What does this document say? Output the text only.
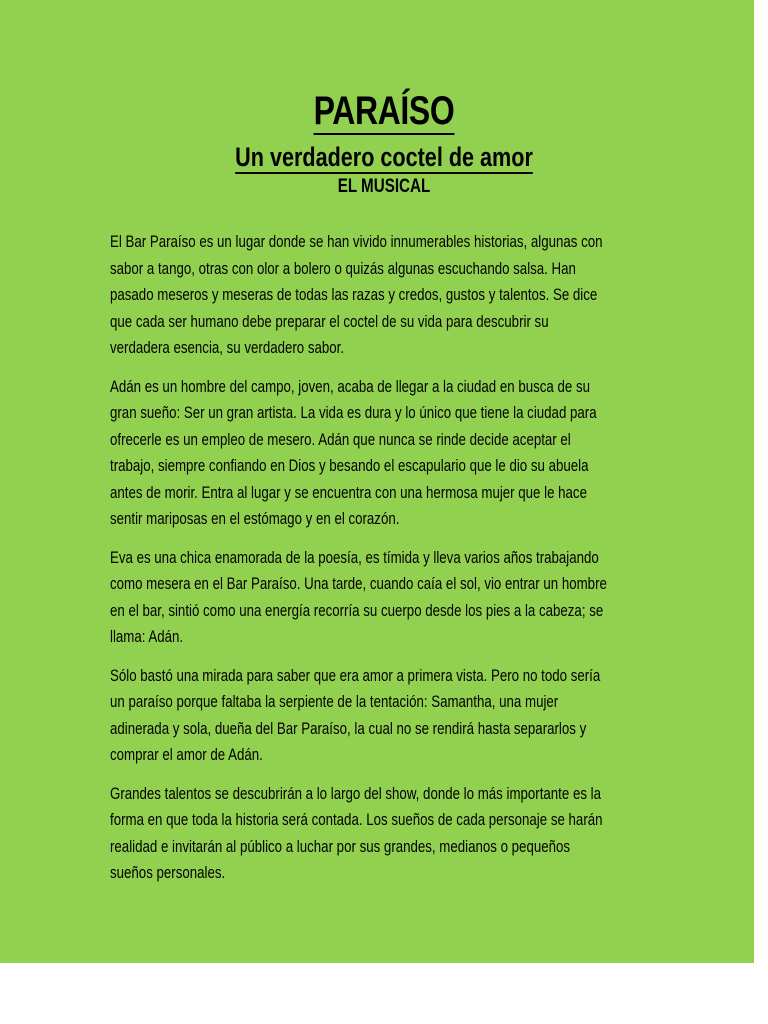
PARAÍSO
Un verdadero coctel de amor
EL MUSICAL

El Bar Paraíso es un lugar donde se han vivido innumerables historias, algunas con
sabor a tango, otras con olor a bolero o quizás algunas escuchando salsa. Han
pasado meseros y meseras de todas las razas y credos, gustos y talentos. Se dice
que cada ser humano debe preparar el coctel de su vida para descubrir su
verdadera esencia, su verdadero sabor.

Adán es un hombre del campo, joven, acaba de llegar a la ciudad en busca de su
gran sueño: Ser un gran artista. La vida es dura y lo único que tiene la ciudad para
ofrecerle es un empleo de mesero. Adán que nunca se rinde decide aceptar el
trabajo, siempre confiando en Dios y besando el escapulario que le dio su abuela
antes de morir. Entra al lugar y se encuentra con una hermosa mujer que le hace
sentir mariposas en el estómago y en el corazón.

Eva es una chica enamorada de la poesía, es tímida y lleva varios años trabajando
como mesera en el Bar Paraíso. Una tarde, cuando caía el sol, vio entrar un hombre
en el bar, sintió como una energía recorría su cuerpo desde los pies a la cabeza; se
llama: Adán.

Sólo bastó una mirada para saber que era amor a primera vista. Pero no todo sería
un paraíso porque faltaba la serpiente de la tentación: Samantha, una mujer
adinerada y sola, dueña del Bar Paraíso, la cual no se rendirá hasta separarlos y
comprar el amor de Adán.

Grandes talentos se descubrirán a lo largo del show, donde lo más importante es la
forma en que toda la historia será contada. Los sueños de cada personaje se harán
realidad e invitarán al público a luchar por sus grandes, medianos o pequeños
sueños personales.
